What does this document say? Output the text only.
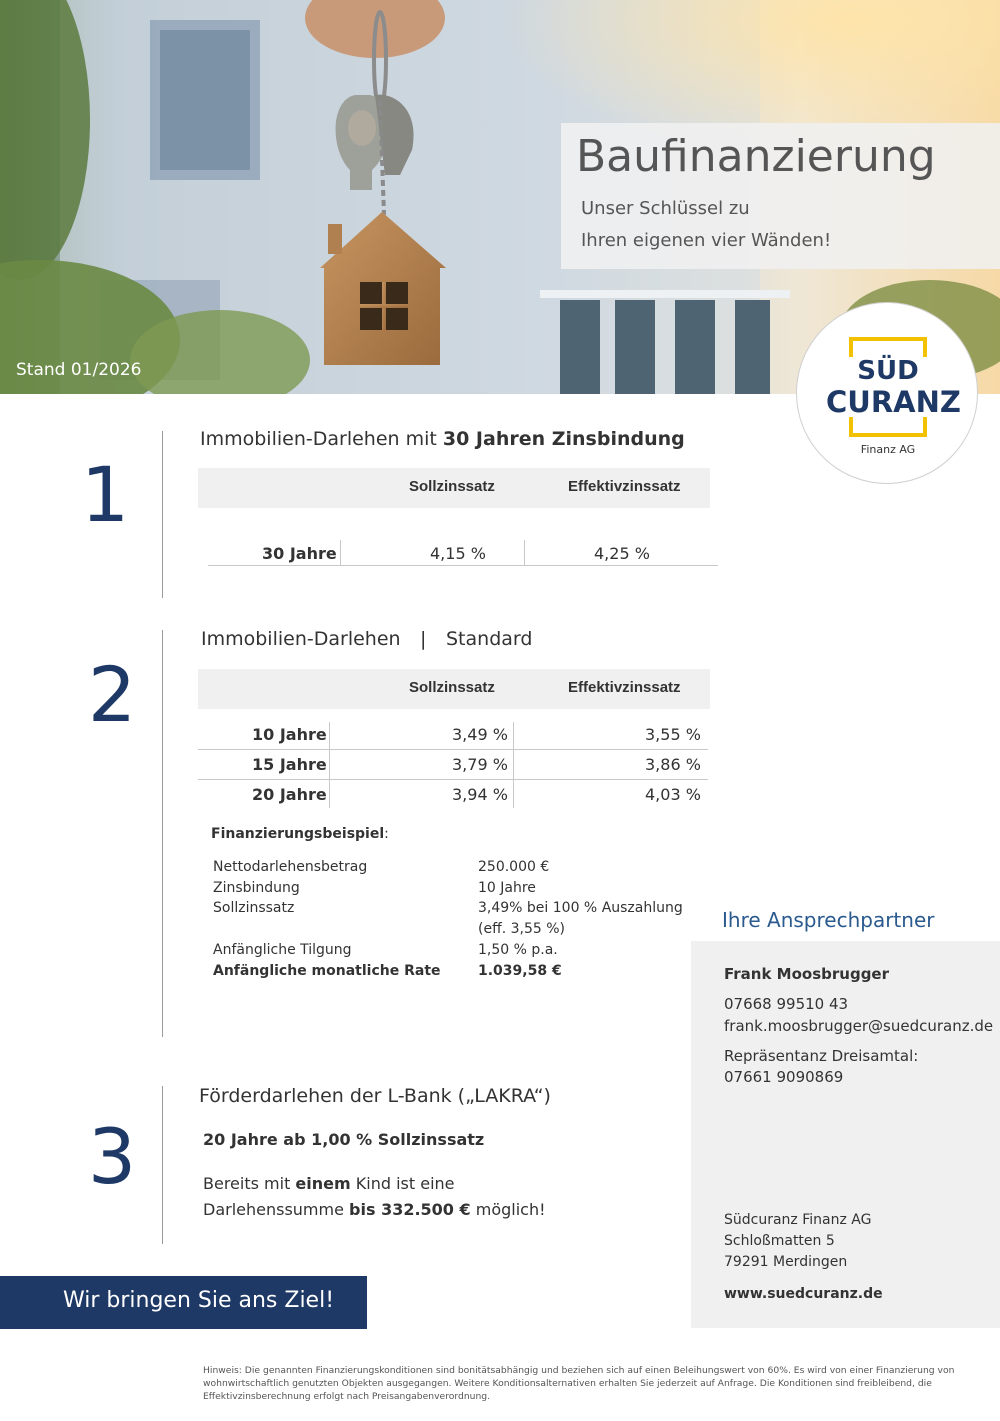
Baufinanzierung
Unser Schlüssel zu
Ihren eigenen vier Wänden!
Stand 01/2026	SÜD
CURANZ
Finanz AG
1
Immobilien-Darlehen mit 30 Jahren Zinsbindung
Sollzinssatz	Effektivzinssatz
30 Jahre	4,15 %	4,25 %
2
Immobilien-Darlehen | Standard
Sollzinssatz	Effektivzinssatz
10 Jahre	3,49 %	3,55 %
15 Jahre	3,79 %	3,86 %
20 Jahre	3,94 %	4,03 %
Finanzierungsbeispiel:
Nettodarlehensbetrag	250.000 €
Zinsbindung	10 Jahre
Sollzinssatz	3,49% bei 100 % Auszahlung
(eff. 3,55 %)
Anfängliche Tilgung	1,50 % p.a.
Anfängliche monatliche Rate	1.039,58 €
3
Förderdarlehen der L-Bank („LAKRA“)
20 Jahre ab 1,00 % Sollzinssatz
Bereits mit einem Kind ist eine
Darlehenssumme bis 332.500 € möglich!
Wir bringen Sie ans Ziel!
Ihre Ansprechpartner
Frank Moosbrugger
07668 99510 43
frank.moosbrugger@suedcuranz.de
Repräsentanz Dreisamtal:
07661 9090869
Südcuranz Finanz AG
Schloßmatten 5
79291 Merdingen
www.suedcuranz.de
Hinweis: Die genannten Finanzierungskonditionen sind bonitätsabhängig und beziehen sich auf einen Beleihungswert von 60%. Es wird von einer Finanzierung von wohnwirtschaftlich genutzten Objekten ausgegangen. Weitere Konditionsalternativen erhalten Sie jederzeit auf Anfrage. Die Konditionen sind freibleibend, die Effektivzinsberechnung erfolgt nach Preisangabenverordnung.
